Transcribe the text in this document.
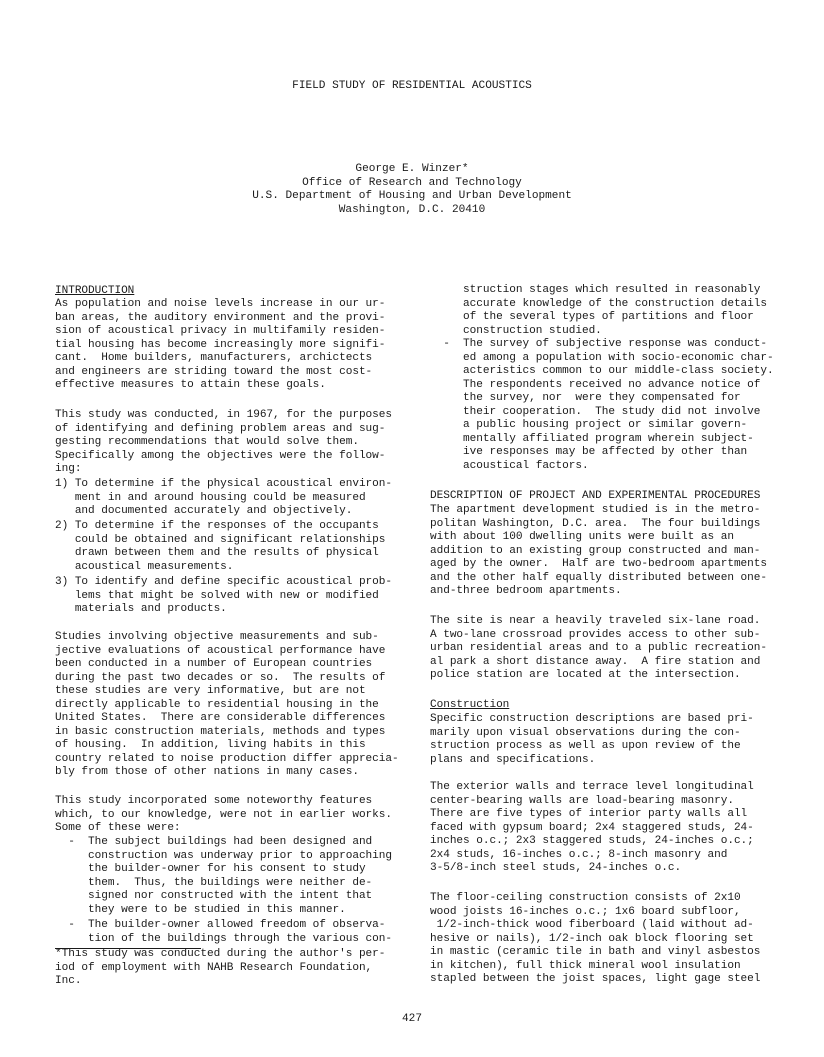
FIELD STUDY OF RESIDENTIAL ACOUSTICS
George E. Winzer*
Office of Research and Technology
U.S. Department of Housing and Urban Development
Washington, D.C. 20410
INTRODUCTION
As population and noise levels increase in our ur-
ban areas, the auditory environment and the provi-
sion of acoustical privacy in multifamily residen-
tial housing has become increasingly more signifi-
cant.  Home builders, manufacturers, archictects
and engineers are striding toward the most cost-
effective measures to attain these goals.
This study was conducted, in 1967, for the purposes
of identifying and defining problem areas and sug-
gesting recommendations that would solve them.
Specifically among the objectives were the follow-
ing:
1) To determine if the physical acoustical environ-
ment in and around housing could be measured
and documented accurately and objectively.
2) To determine if the responses of the occupants
could be obtained and significant relationships
drawn between them and the results of physical
acoustical measurements.
3) To identify and define specific acoustical prob-
lems that might be solved with new or modified
materials and products.
Studies involving objective measurements and sub-
jective evaluations of acoustical performance have
been conducted in a number of European countries
during the past two decades or so.  The results of
these studies are very informative, but are not
directly applicable to residential housing in the
United States.  There are considerable differences
in basic construction materials, methods and types
of housing.  In addition, living habits in this
country related to noise production differ apprecia-
bly from those of other nations in many cases.
This study incorporated some noteworthy features
which, to our knowledge, were not in earlier works.
Some of these were:
-  The subject buildings had been designed and
construction was underway prior to approaching
the builder-owner for his consent to study
them.  Thus, the buildings were neither de-
signed nor constructed with the intent that
they were to be studied in this manner.
-  The builder-owner allowed freedom of observa-
tion of the buildings through the various con-
*This study was conducted during the author's per-
iod of employment with NAHB Research Foundation,
Inc.
struction stages which resulted in reasonably
accurate knowledge of the construction details
of the several types of partitions and floor
construction studied.
-  The survey of subjective response was conduct-
ed among a population with socio-economic char-
acteristics common to our middle-class society.
The respondents received no advance notice of
the survey, nor  were they compensated for
their cooperation.  The study did not involve
a public housing project or similar govern-
mentally affiliated program wherein subject-
ive responses may be affected by other than
acoustical factors.
DESCRIPTION OF PROJECT AND EXPERIMENTAL PROCEDURES
The apartment development studied is in the metro-
politan Washington, D.C. area.  The four buildings
with about 100 dwelling units were built as an
addition to an existing group constructed and man-
aged by the owner.  Half are two-bedroom apartments
and the other half equally distributed between one-
and-three bedroom apartments.
The site is near a heavily traveled six-lane road.
A two-lane crossroad provides access to other sub-
urban residential areas and to a public recreation-
al park a short distance away.  A fire station and
police station are located at the intersection.
Construction
Specific construction descriptions are based pri-
marily upon visual observations during the con-
struction process as well as upon review of the
plans and specifications.
The exterior walls and terrace level longitudinal
center-bearing walls are load-bearing masonry.
There are five types of interior party walls all
faced with gypsum board; 2x4 staggered studs, 24-
inches o.c.; 2x3 staggered studs, 24-inches o.c.;
2x4 studs, 16-inches o.c.; 8-inch masonry and
3-5/8-inch steel studs, 24-inches o.c.
The floor-ceiling construction consists of 2x10
wood joists 16-inches o.c.; 1x6 board subfloor,
1/2-inch-thick wood fiberboard (laid without ad-
hesive or nails), 1/2-inch oak block flooring set
in mastic (ceramic tile in bath and vinyl asbestos
in kitchen), full thick mineral wool insulation
stapled between the joist spaces, light gage steel
427
